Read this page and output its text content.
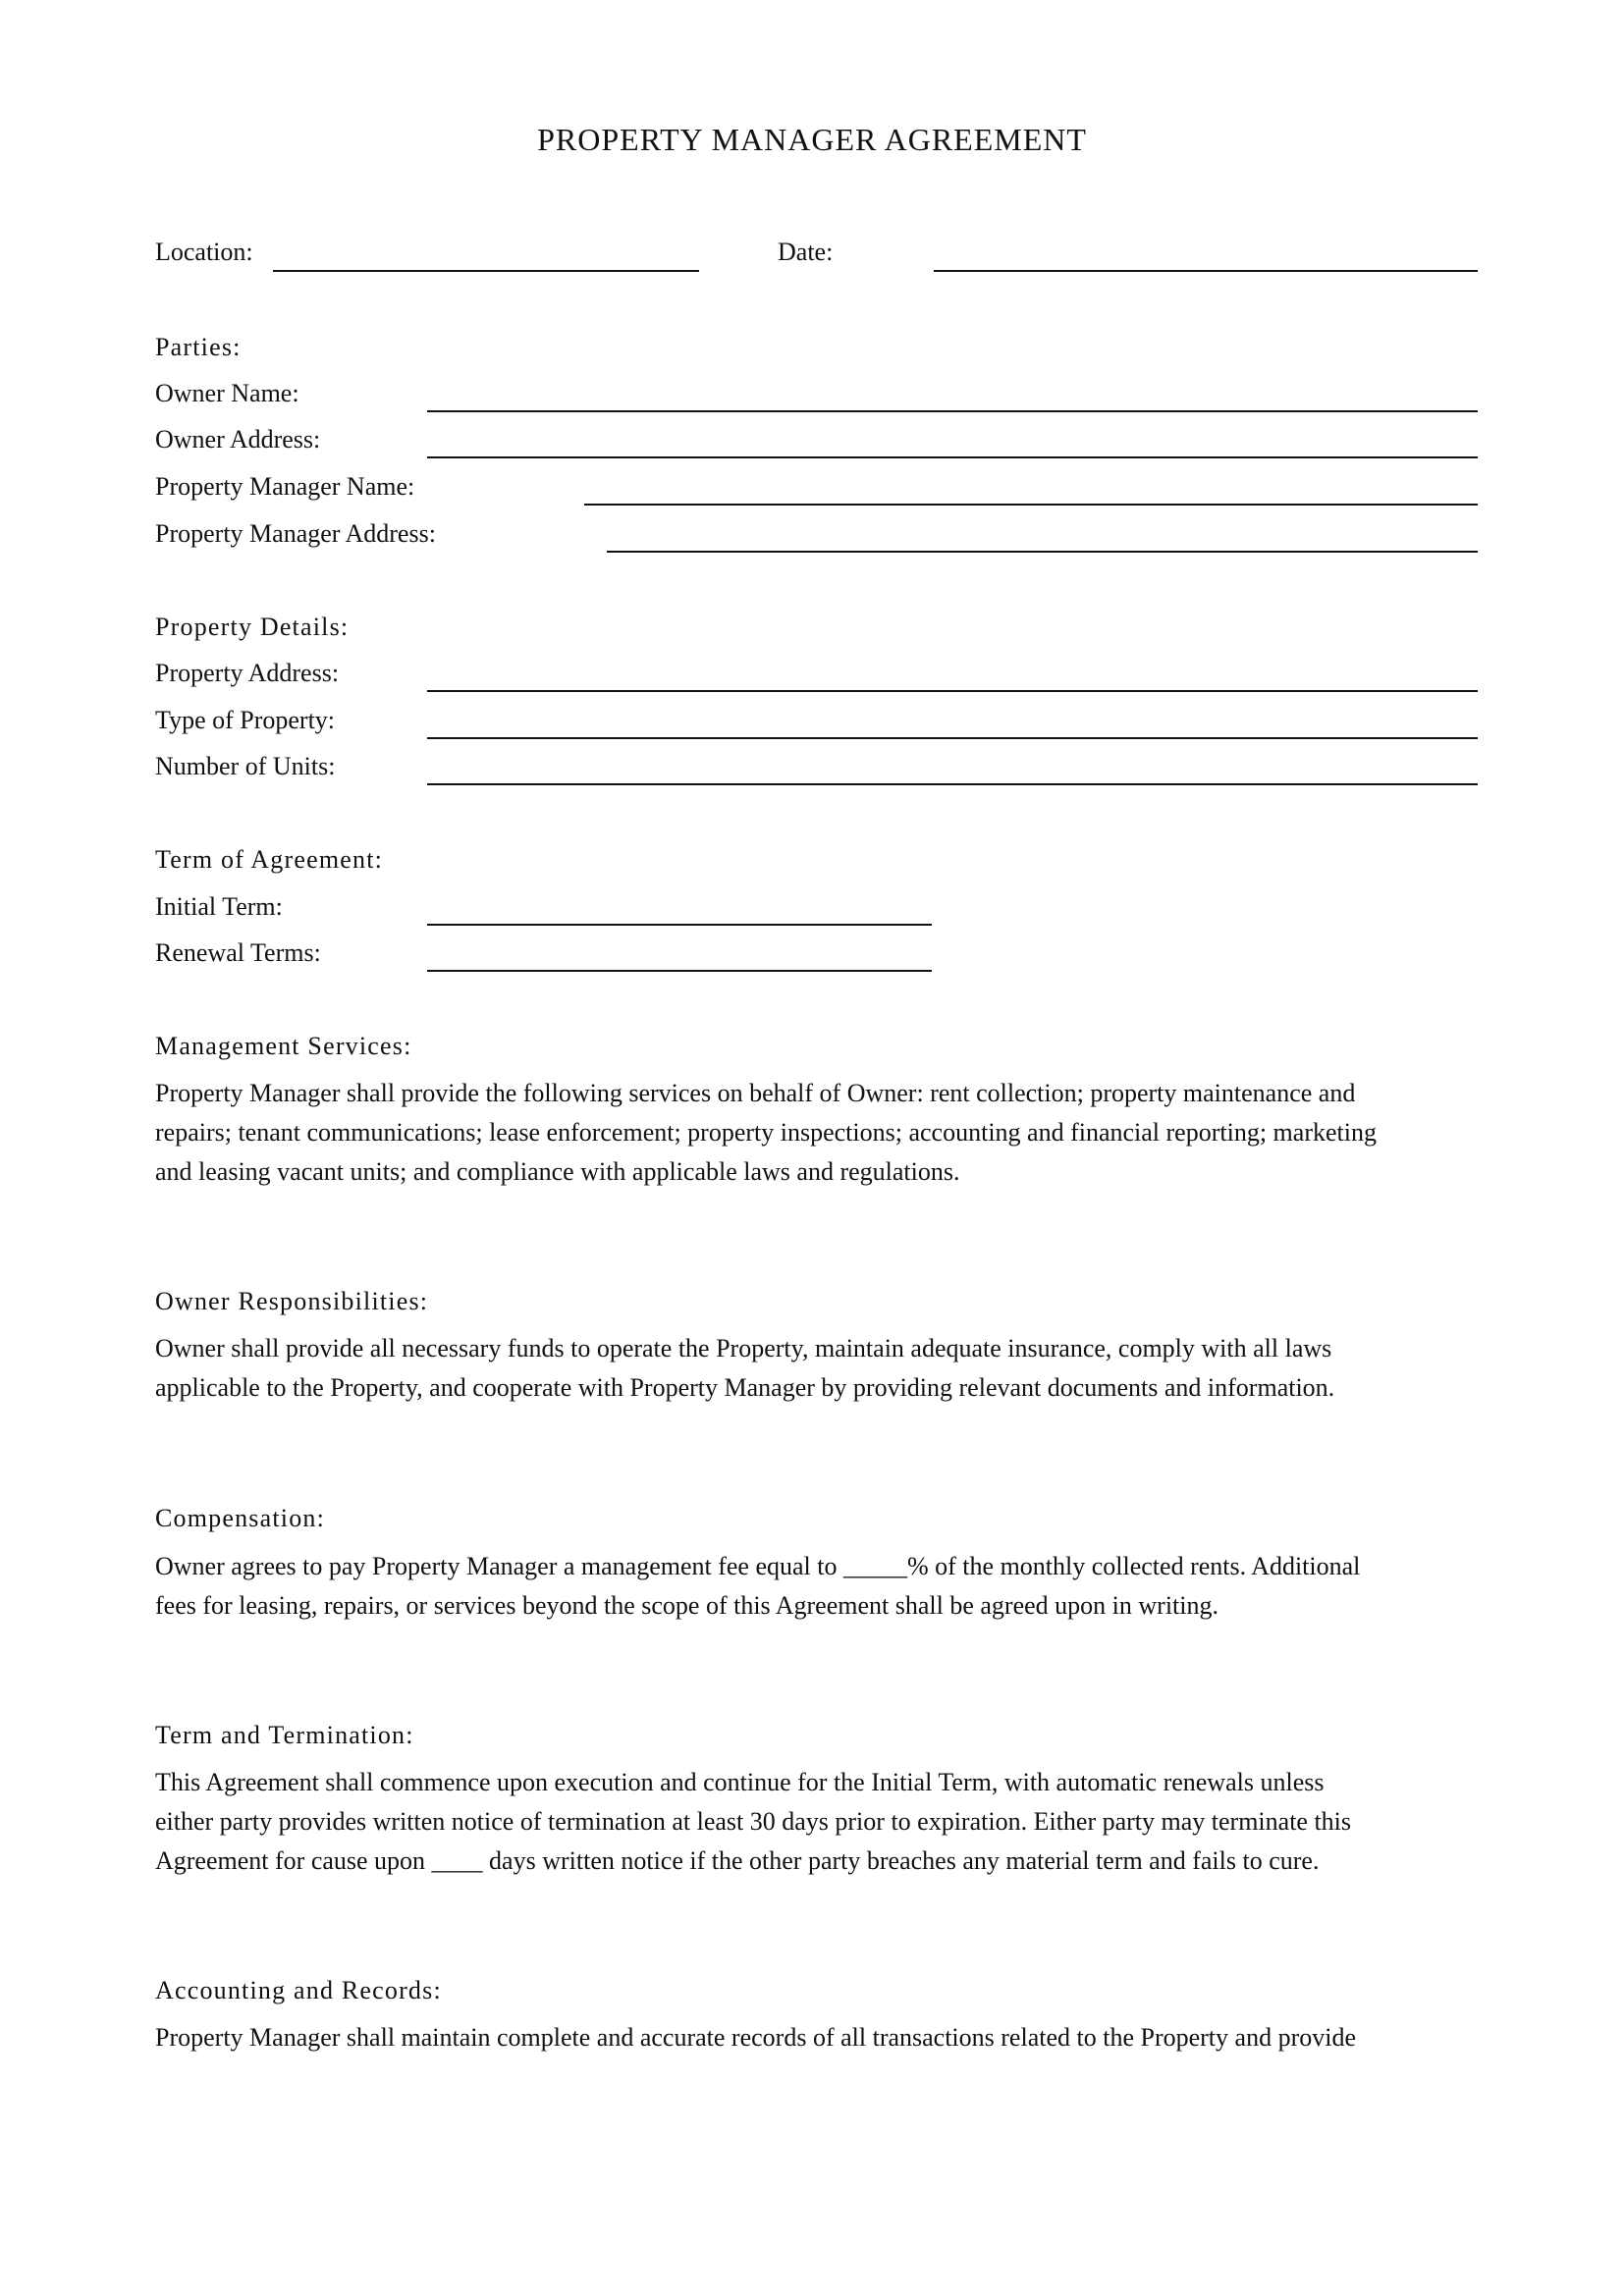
PROPERTY MANAGER AGREEMENT
Location:	Date:
Parties:
Owner Name:
Owner Address:
Property Manager Name:
Property Manager Address:
Property Details:
Property Address:
Type of Property:
Number of Units:
Term of Agreement:
Initial Term:
Renewal Terms:
Management Services:
Property Manager shall provide the following services on behalf of Owner: rent collection; property maintenance and
repairs; tenant communications; lease enforcement; property inspections; accounting and financial reporting; marketing
and leasing vacant units; and compliance with applicable laws and regulations.
Owner Responsibilities:
Owner shall provide all necessary funds to operate the Property, maintain adequate insurance, comply with all laws
applicable to the Property, and cooperate with Property Manager by providing relevant documents and information.
Compensation:
Owner agrees to pay Property Manager a management fee equal to _____% of the monthly collected rents. Additional
fees for leasing, repairs, or services beyond the scope of this Agreement shall be agreed upon in writing.
Term and Termination:
This Agreement shall commence upon execution and continue for the Initial Term, with automatic renewals unless
either party provides written notice of termination at least 30 days prior to expiration. Either party may terminate this
Agreement for cause upon ____ days written notice if the other party breaches any material term and fails to cure.
Accounting and Records:
Property Manager shall maintain complete and accurate records of all transactions related to the Property and provide
